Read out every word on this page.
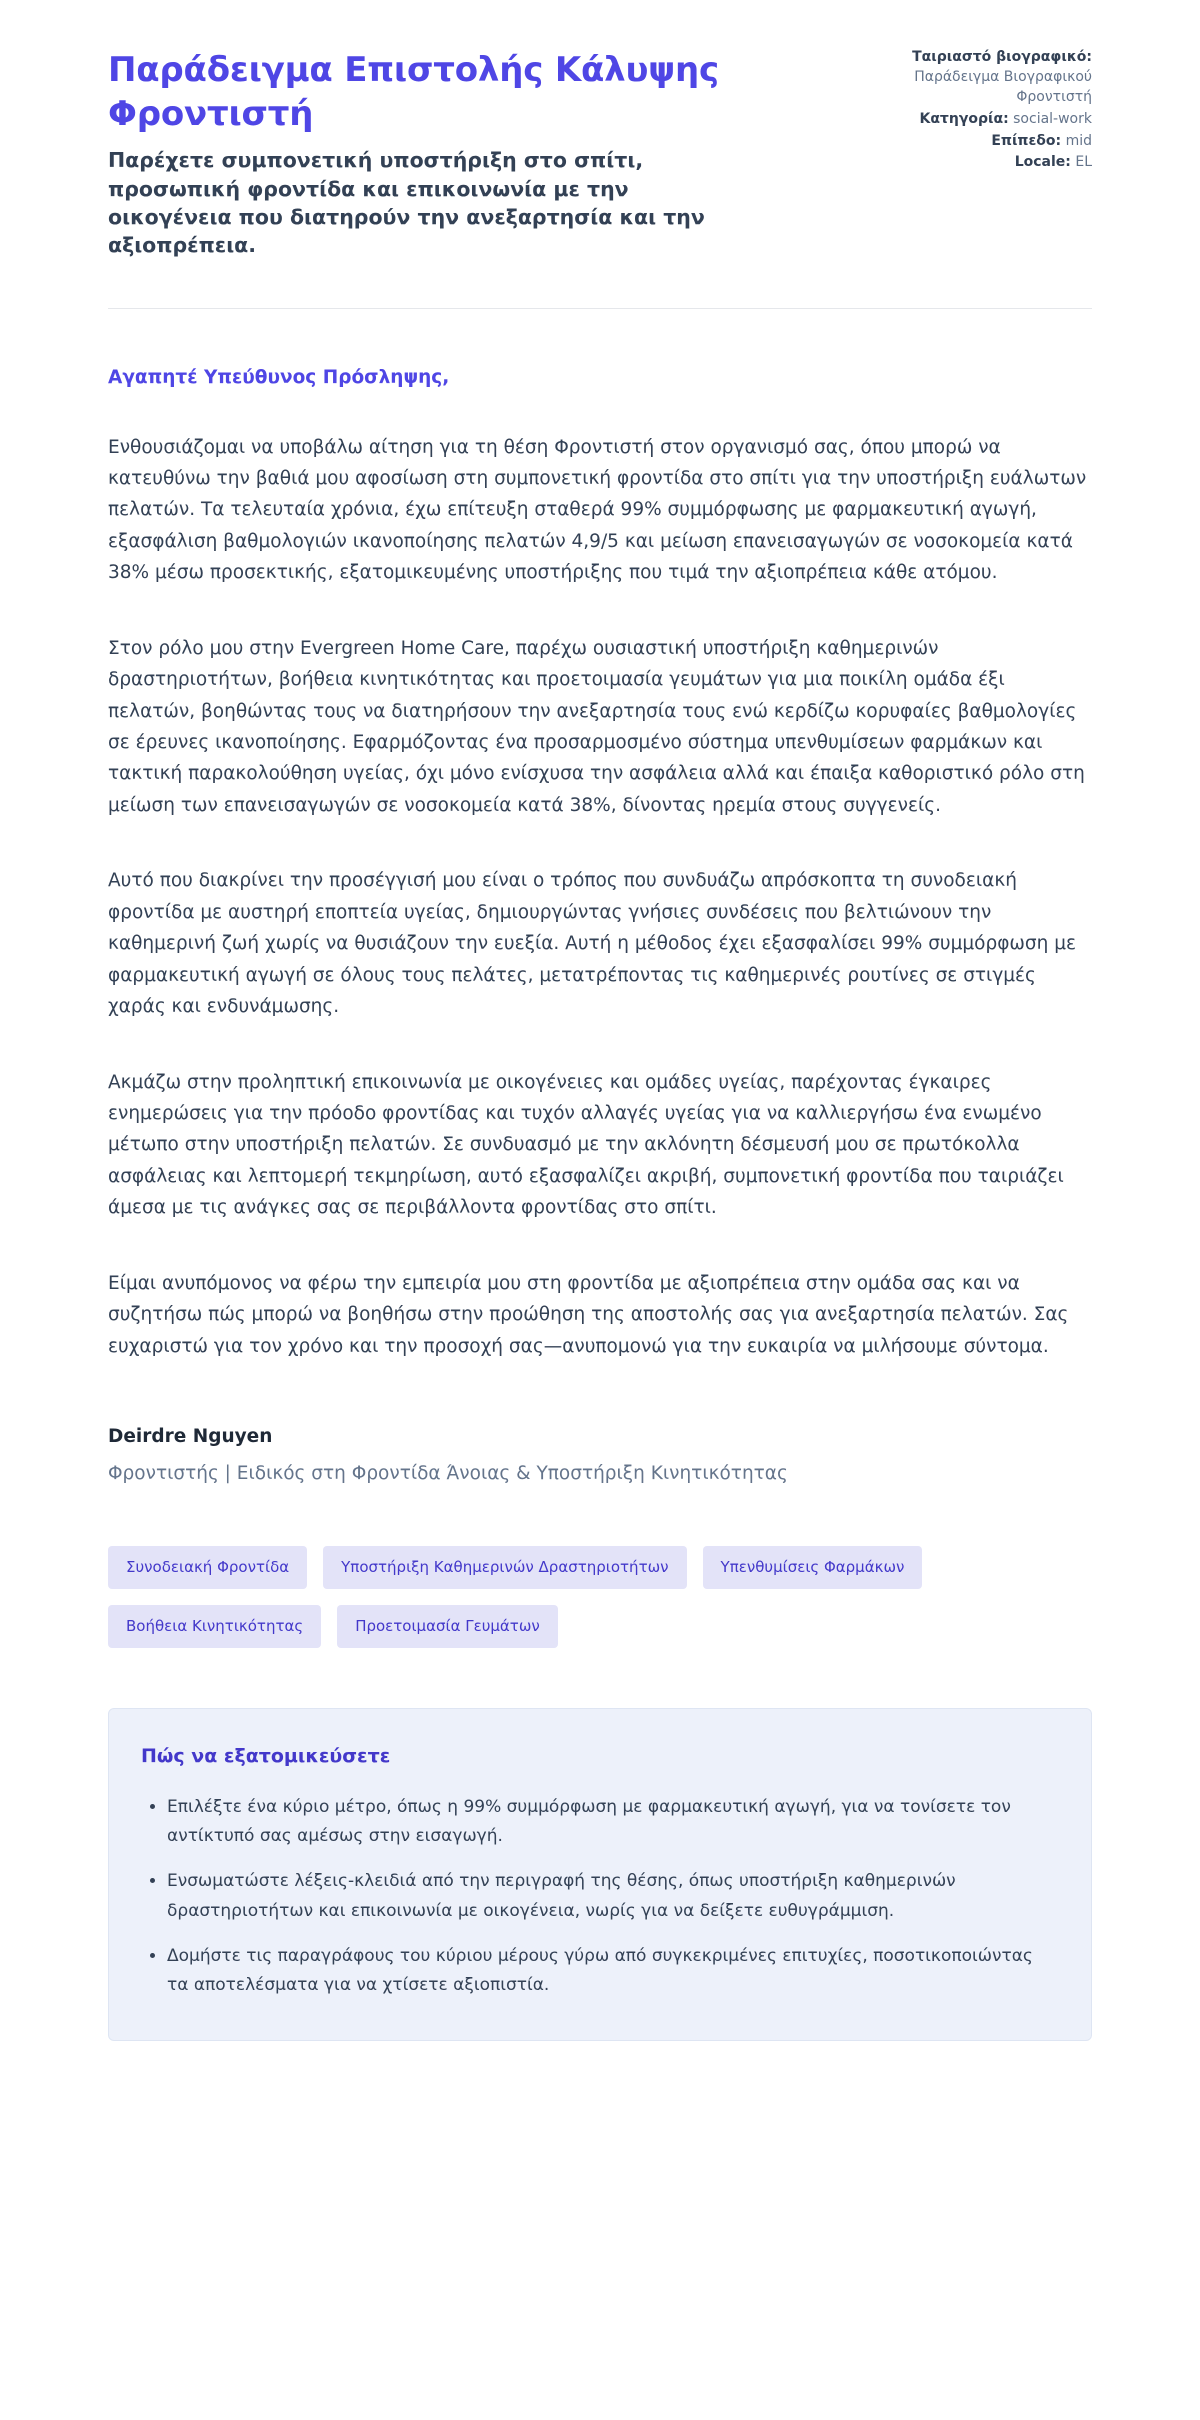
Παράδειγμα Επιστολής Κάλυψης Φροντιστή

Παρέχετε συμπονετική υποστήριξη στο σπίτι, προσωπική φροντίδα και επικοινωνία με την οικογένεια που διατηρούν την ανεξαρτησία και την αξιοπρέπεια.

Ταιριαστό βιογραφικό: Παράδειγμα Βιογραφικού Φροντιστή
Κατηγορία: social-work
Επίπεδο: mid
Locale: EL

Αγαπητέ Υπεύθυνος Πρόσληψης,

Ενθουσιάζομαι να υποβάλω αίτηση για τη θέση Φροντιστή στον οργανισμό σας, όπου μπορώ να κατευθύνω την βαθιά μου αφοσίωση στη συμπονετική φροντίδα στο σπίτι για την υποστήριξη ευάλωτων πελατών. Τα τελευταία χρόνια, έχω επίτευξη σταθερά 99% συμμόρφωσης με φαρμακευτική αγωγή, εξασφάλιση βαθμολογιών ικανοποίησης πελατών 4,9/5 και μείωση επανεισαγωγών σε νοσοκομεία κατά 38% μέσω προσεκτικής, εξατομικευμένης υποστήριξης που τιμά την αξιοπρέπεια κάθε ατόμου.

Στον ρόλο μου στην Evergreen Home Care, παρέχω ουσιαστική υποστήριξη καθημερινών δραστηριοτήτων, βοήθεια κινητικότητας και προετοιμασία γευμάτων για μια ποικίλη ομάδα έξι πελατών, βοηθώντας τους να διατηρήσουν την ανεξαρτησία τους ενώ κερδίζω κορυφαίες βαθμολογίες σε έρευνες ικανοποίησης. Εφαρμόζοντας ένα προσαρμοσμένο σύστημα υπενθυμίσεων φαρμάκων και τακτική παρακολούθηση υγείας, όχι μόνο ενίσχυσα την ασφάλεια αλλά και έπαιξα καθοριστικό ρόλο στη μείωση των επανεισαγωγών σε νοσοκομεία κατά 38%, δίνοντας ηρεμία στους συγγενείς.

Αυτό που διακρίνει την προσέγγισή μου είναι ο τρόπος που συνδυάζω απρόσκοπτα τη συνοδειακή φροντίδα με αυστηρή εποπτεία υγείας, δημιουργώντας γνήσιες συνδέσεις που βελτιώνουν την καθημερινή ζωή χωρίς να θυσιάζουν την ευεξία. Αυτή η μέθοδος έχει εξασφαλίσει 99% συμμόρφωση με φαρμακευτική αγωγή σε όλους τους πελάτες, μετατρέποντας τις καθημερινές ρουτίνες σε στιγμές χαράς και ενδυνάμωσης.

Ακμάζω στην προληπτική επικοινωνία με οικογένειες και ομάδες υγείας, παρέχοντας έγκαιρες ενημερώσεις για την πρόοδο φροντίδας και τυχόν αλλαγές υγείας για να καλλιεργήσω ένα ενωμένο μέτωπο στην υποστήριξη πελατών. Σε συνδυασμό με την ακλόνητη δέσμευσή μου σε πρωτόκολλα ασφάλειας και λεπτομερή τεκμηρίωση, αυτό εξασφαλίζει ακριβή, συμπονετική φροντίδα που ταιριάζει άμεσα με τις ανάγκες σας σε περιβάλλοντα φροντίδας στο σπίτι.

Είμαι ανυπόμονος να φέρω την εμπειρία μου στη φροντίδα με αξιοπρέπεια στην ομάδα σας και να συζητήσω πώς μπορώ να βοηθήσω στην προώθηση της αποστολής σας για ανεξαρτησία πελατών. Σας ευχαριστώ για τον χρόνο και την προσοχή σας—ανυπομονώ για την ευκαιρία να μιλήσουμε σύντομα.

Deirdre Nguyen

Φροντιστής | Ειδικός στη Φροντίδα Άνοιας & Υποστήριξη Κινητικότητας

Συνοδειακή Φροντίδα	Υποστήριξη Καθημερινών Δραστηριοτήτων	Υπενθυμίσεις Φαρμάκων
Βοήθεια Κινητικότητας	Προετοιμασία Γευμάτων
Πώς να εξατομικεύσετε
• Επιλέξτε ένα κύριο μέτρο, όπως η 99% συμμόρφωση με φαρμακευτική αγωγή, για να τονίσετε τον αντίκτυπό σας αμέσως στην εισαγωγή.
• Ενσωματώστε λέξεις-κλειδιά από την περιγραφή της θέσης, όπως υποστήριξη καθημερινών δραστηριοτήτων και επικοινωνία με οικογένεια, νωρίς για να δείξετε ευθυγράμμιση.
• Δομήστε τις παραγράφους του κύριου μέρους γύρω από συγκεκριμένες επιτυχίες, ποσοτικοποιώντας τα αποτελέσματα για να χτίσετε αξιοπιστία.
